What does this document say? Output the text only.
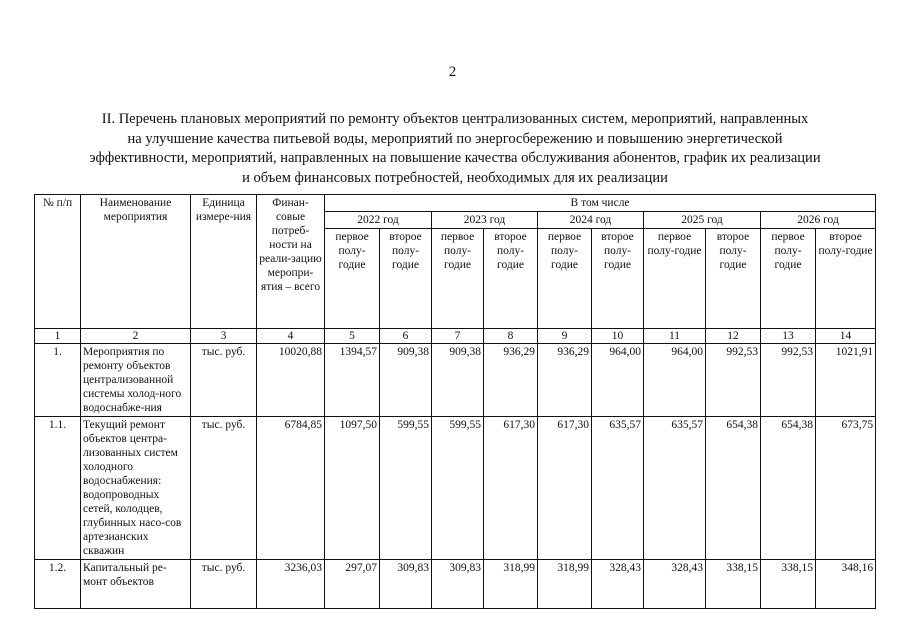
2
II. Перечень плановых мероприятий по ремонту объектов централизованных систем, мероприятий, направленных
на улучшение качества питьевой воды, мероприятий по энергосбережению и повышению энергетической
эффективности, мероприятий, направленных на повышение качества обслуживания абонентов, график их реализации
и объем финансовых потребностей, необходимых для их реализации
№ п/п	Наименование мероприятия	Единица измере-ния	Финан-совые потреб-ности на реали-зацию меропри-ятия – всего	В том числе									
				2022 год		2023 год		2024 год		2025 год		2026 год	
				первое полу-годие	второе полу-годие	первое полу-годие	второе полу-годие	первое полу-годие	второе полу-годие	первое полу-годие	второе полу-годие	первое полу-годие	второе полу-годие
1	2	3	4	5	6	7	8	9	10	11	12	13	14
1.	Мероприятия по ремонту объектов централизованной системы холод-ного водоснабже-ния	тыс. руб.	10020,88	1394,57	909,38	909,38	936,29	936,29	964,00	964,00	992,53	992,53	1021,91
1.1.	Текущий ремонт объектов центра-лизованных систем холодного водоснабжения: водопроводных сетей, колодцев, глубинных насо-сов артезианских скважин	тыс. руб.	6784,85	1097,50	599,55	599,55	617,30	617,30	635,57	635,57	654,38	654,38	673,75
1.2.	Капитальный ре-монт объектов	тыс. руб.	3236,03	297,07	309,83	309,83	318,99	318,99	328,43	328,43	338,15	338,15	348,16
